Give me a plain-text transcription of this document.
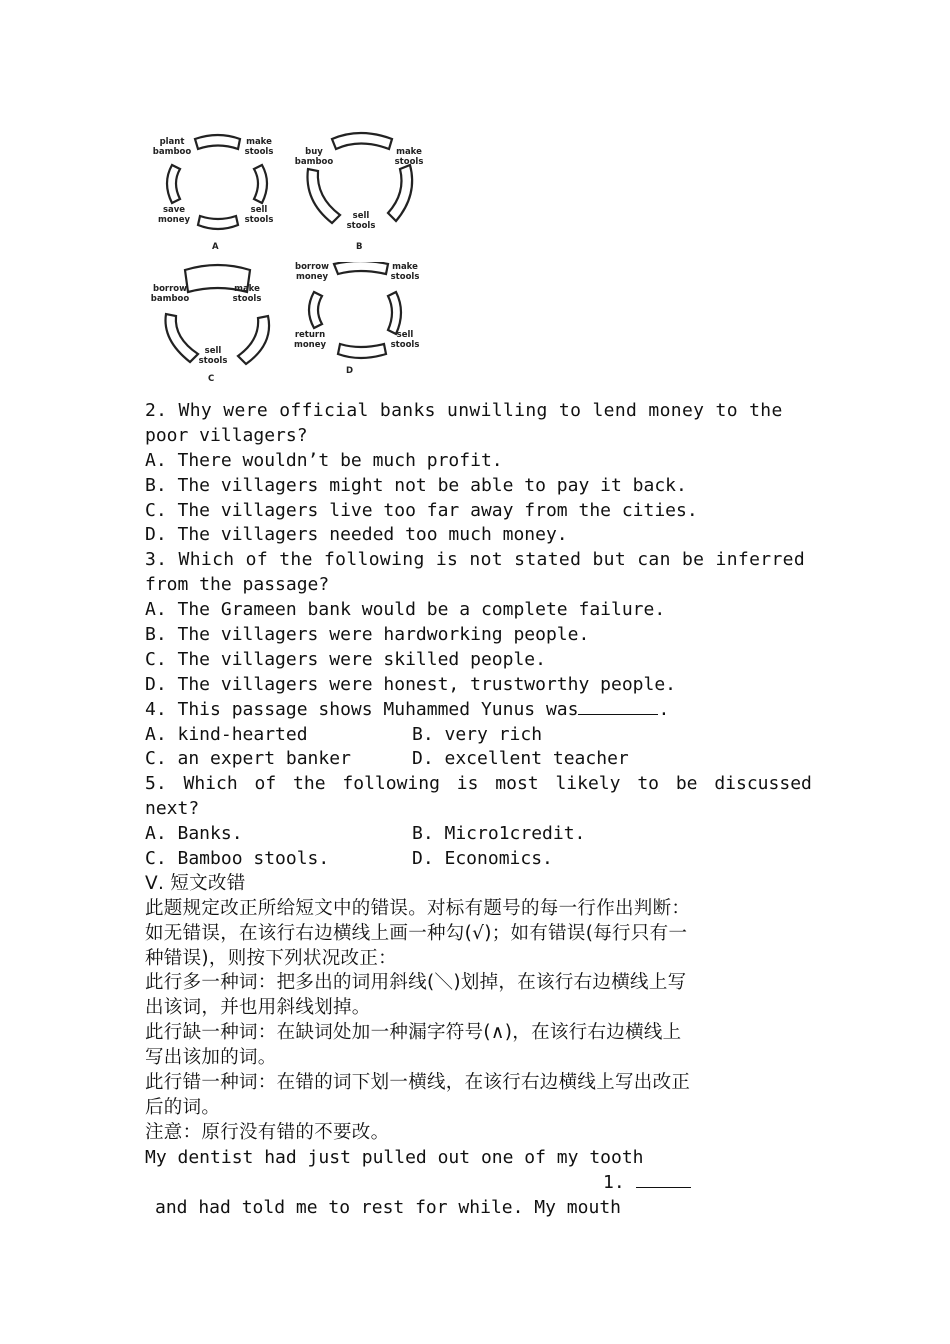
plant bamboo
make stools
save money
sell stools
A
buy bamboo
make stools
sell stools
B
borrow bamboo
make stools
sell stools
C
borrow money
make stools
return money
sell stools
D
2. Why were official banks unwilling to lend money to the
poor villagers?
A. There wouldn’t be much profit.
B. The villagers might not be able to pay it back.
C. The villagers live too far away from the cities.
D. The villagers needed too much money.
3. Which of the following is not stated but can be inferred
from the passage?
A. The Grameen bank would be a complete failure.
B. The villagers were hardworking people.
C. The villagers were skilled people.
D. The villagers were honest, trustworthy people.
4. This passage shows Muhammed Yunus was	.
A. kind-hearted	B. very rich
C. an expert banker	D. excellent teacher
5. Which of the following is most likely to be discussed
next?
A. Banks.	B. Micro1credit.
C. Bamboo stools.	D. Economics.
Ⅴ. 短文改错
此题规定改正所给短文中的错误。对标有题号的每一行作出判断：
如无错误，在该行右边横线上画一种勾(√)；如有错误(每行只有一
种错误)，则按下列状况改正：
此行多一种词：把多出的词用斜线(＼)划掉，在该行右边横线上写
出该词，并也用斜线划掉。
此行缺一种词：在缺词处加一种漏字符号(∧)，在该行右边横线上
写出该加的词。
此行错一种词：在错的词下划一横线，在该行右边横线上写出改正
后的词。
注意：原行没有错的不要改。
My dentist had just pulled out one of my tooth
1.
and had told me to rest for while. My mouth
